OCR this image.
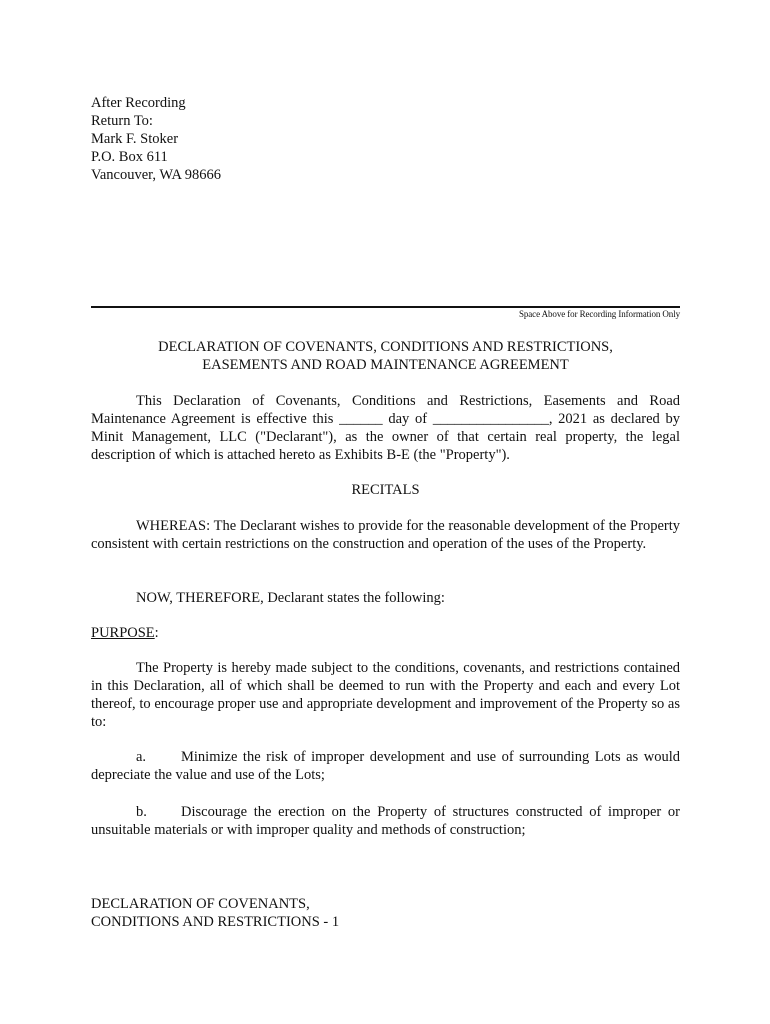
After Recording
Return To:
Mark F. Stoker
P.O. Box 611
Vancouver, WA 98666
Space Above for Recording Information Only
DECLARATION OF COVENANTS, CONDITIONS AND RESTRICTIONS,
EASEMENTS AND ROAD MAINTENANCE AGREEMENT
This Declaration of Covenants, Conditions and Restrictions, Easements and Road Maintenance Agreement is effective this ______ day of ________________, 2021 as declared by Minit Management, LLC ("Declarant"), as the owner of that certain real property, the legal description of which is attached hereto as Exhibits B-E (the "Property").
RECITALS
WHEREAS: The Declarant wishes to provide for the reasonable development of the Property consistent with certain restrictions on the construction and operation of the uses of the Property.
NOW, THEREFORE, Declarant states the following:
PURPOSE:
The Property is hereby made subject to the conditions, covenants, and restrictions contained in this Declaration, all of which shall be deemed to run with the Property and each and every Lot thereof, to encourage proper use and appropriate development and improvement of the Property so as to:
a. Minimize the risk of improper development and use of surrounding Lots as would depreciate the value and use of the Lots;
b. Discourage the erection on the Property of structures constructed of improper or unsuitable materials or with improper quality and methods of construction;
DECLARATION OF COVENANTS,
CONDITIONS AND RESTRICTIONS - 1
